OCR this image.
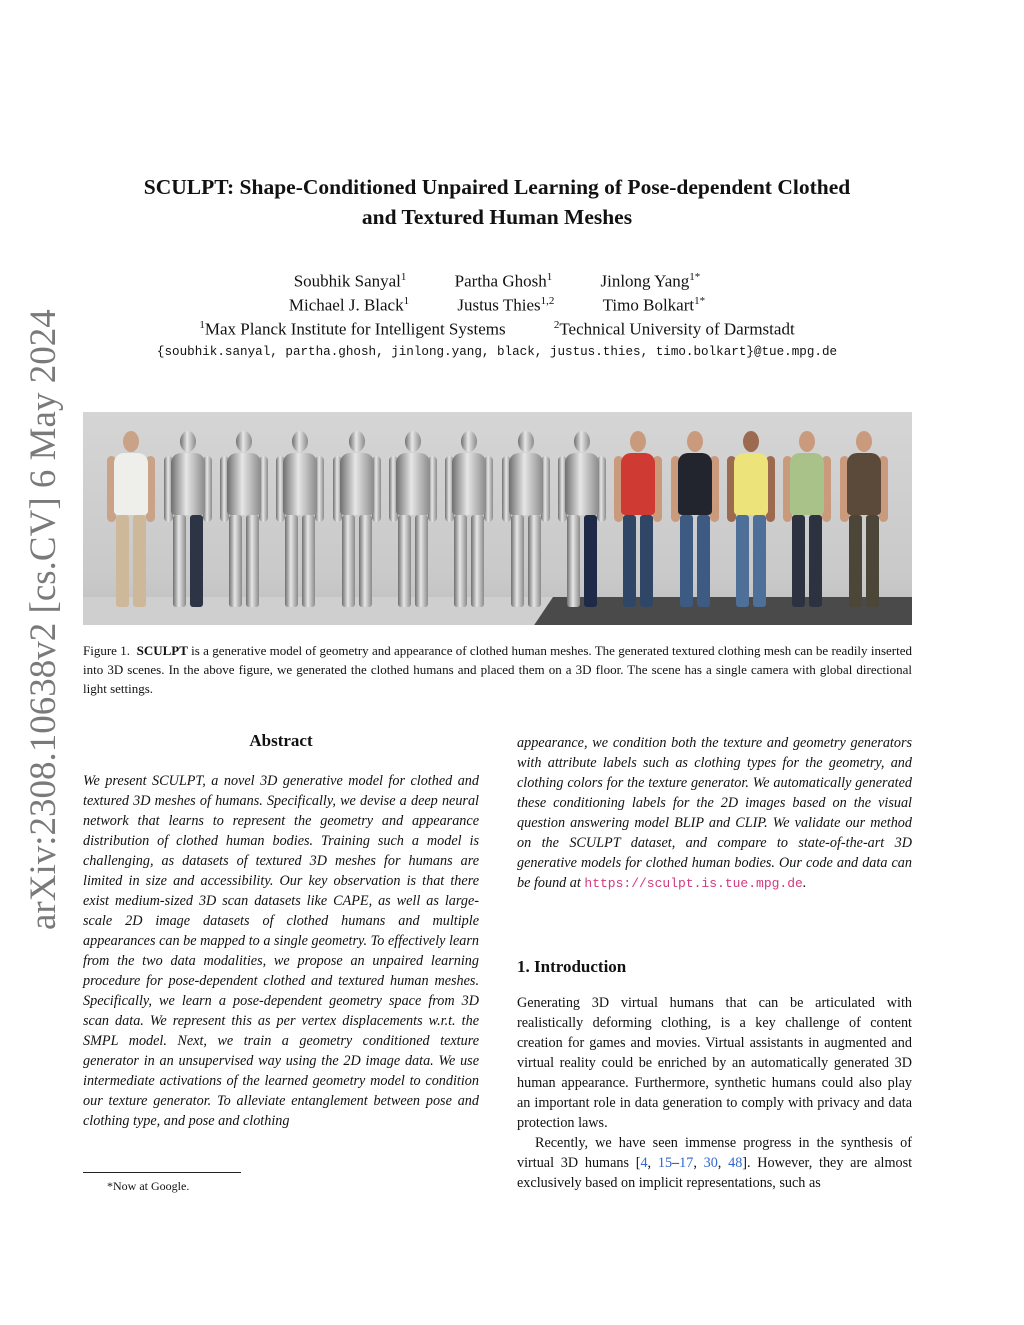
arXiv:2308.10638v2 [cs.CV] 6 May 2024
SCULPT: Shape-Conditioned Unpaired Learning of Pose-dependent Clothed
and Textured Human Meshes
Soubhik Sanyal$^1$	Partha Ghosh$^1$	Jinlong Yang$^{1*}$
Michael J. Black$^1$	Justus Thies$^{1,2}$	Timo Bolkart$^{1*}$
$^1$Max Planck Institute for Intelligent Systems	$^2$Technical University of Darmstadt
{soubhik.sanyal, partha.ghosh, jinlong.yang, black, justus.thies, timo.bolkart}@tue.mpg.de
Figure 1. SCULPT is a generative model of geometry and appearance of clothed human meshes. The generated textured clothing mesh can be readily inserted into 3D scenes. In the above figure, we generated the clothed humans and placed them on a 3D floor. The scene has a single camera with global directional light settings.
Abstract
We present SCULPT, a novel 3D generative model for clothed and textured 3D meshes of humans. Specifically, we devise a deep neural network that learns to represent the geometry and appearance distribution of clothed human bodies. Training such a model is challenging, as datasets of textured 3D meshes for humans are limited in size and accessibility. Our key observation is that there exist medium-sized 3D scan datasets like CAPE, as well as large-scale 2D image datasets of clothed humans and multiple appearances can be mapped to a single geometry. To effectively learn from the two data modalities, we propose an unpaired learning procedure for pose-dependent clothed and textured human meshes. Specifically, we learn a pose-dependent geometry space from 3D scan data. We represent this as per vertex displacements w.r.t. the SMPL model. Next, we train a geometry conditioned texture generator in an unsupervised way using the 2D image data. We use intermediate activations of the learned geometry model to condition our texture generator. To alleviate entanglement between pose and clothing type, and pose and clothing
appearance, we condition both the texture and geometry generators with attribute labels such as clothing types for the geometry, and clothing colors for the texture generator. We automatically generated these conditioning labels for the 2D images based on the visual question answering model BLIP and CLIP. We validate our method on the SCULPT dataset, and compare to state-of-the-art 3D generative models for clothed human bodies. Our code and data can be found at https://sculpt.is.tue.mpg.de.
1. Introduction

Generating 3D virtual humans that can be articulated with realistically deforming clothing, is a key challenge of content creation for games and movies. Virtual assistants in augmented and virtual reality could be enriched by an automatically generated 3D human appearance. Furthermore, synthetic humans could also play an important role in data generation to comply with privacy and data protection laws.

Recently, we have seen immense progress in the synthesis of virtual 3D humans [4, 15–17, 30, 48]. However, they are almost exclusively based on implicit representations, such as

*Now at Google.
